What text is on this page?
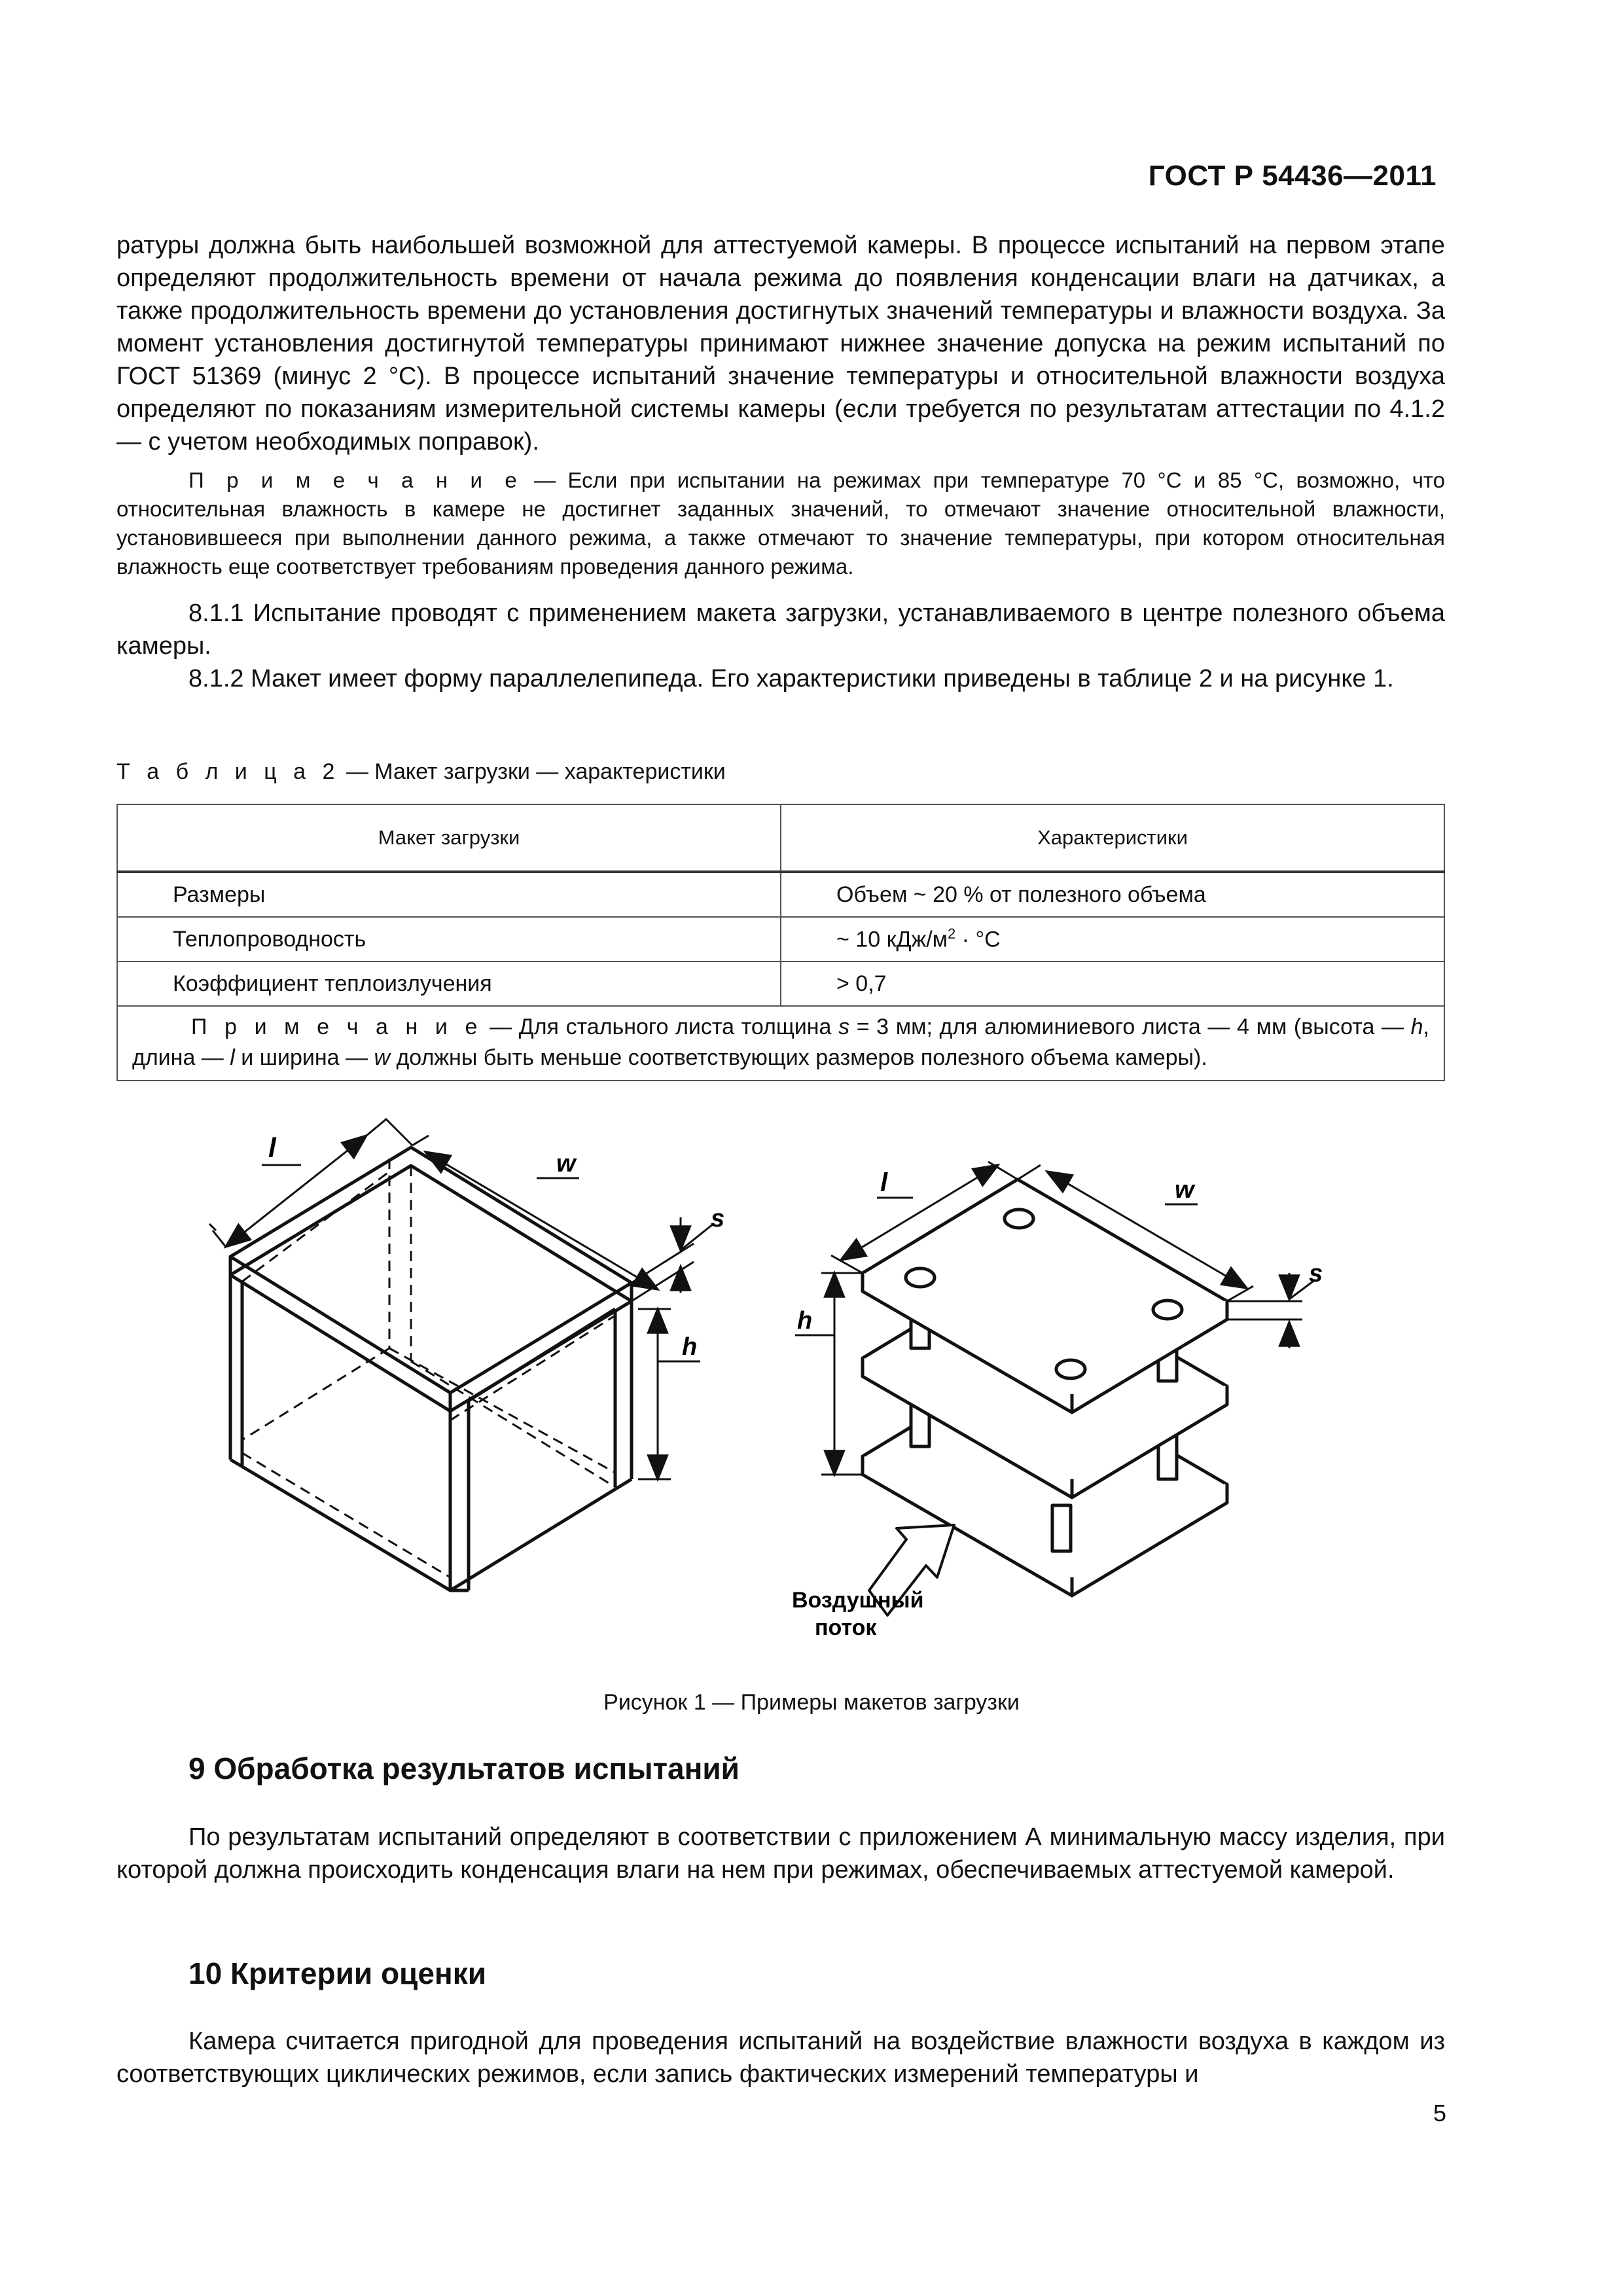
ГОСТ Р 54436—2011

ратуры должна быть наибольшей возможной для аттестуемой камеры. В процессе испытаний на первом этапе определяют продолжительность времени от начала режима до появления конденсации влаги на датчиках, а также продолжительность времени до установления достигнутых значений температуры и влажности воздуха. За момент установления достигнутой температуры принимают нижнее значение допуска на режим испытаний по ГОСТ 51369 (минус 2 °С). В процессе испытаний значение температуры и относительной влажности воздуха определяют по показаниям измерительной системы камеры (если требуется по результатам аттестации по 4.1.2 — с учетом необходимых поправок).

П р и м е ч а н и е — Если при испытании на режимах при температуре 70 °С и 85 °С, возможно, что относительная влажность в камере не достигнет заданных значений, то отмечают значение относительной влажности, установившееся при выполнении данного режима, а также отмечают то значение температуры, при котором относительная влажность еще соответствует требованиям проведения данного режима.

8.1.1 Испытание проводят с применением макета загрузки, устанавливаемого в центре полезного объема камеры.

8.1.2 Макет имеет форму параллелепипеда. Его характеристики приведены в таблице 2 и на рисунке 1.

Т а б л и ц а 2 — Макет загрузки — характеристики
Макет загрузки	Характеристики
Размеры	Объем ~ 20 % от полезного объема
Теплопроводность	~ 10 кДж/$м^2 \cdot ^\circ С$
Коэффициент теплоизлучения	> 0,7

П р и м е ч а н и е — Для стального листа толщина s = 3 мм; для алюминиевого листа — 4 мм (высота — h, длина — l и ширина — w должны быть меньше соответствующих размеров полезного объема камеры).	
l
w
s
h
l	w
s
h
Воздушный
поток
Рисунок 1 — Примеры макетов загрузки
9 Обработка результатов испытаний

По результатам испытаний определяют в соответствии с приложением А минимальную массу изделия, при которой должна происходить конденсация влаги на нем при режимах, обеспечиваемых аттестуемой камерой.

10 Критерии оценки

Камера считается пригодной для проведения испытаний на воздействие влажности воздуха в каждом из соответствующих циклических режимов, если запись фактических измерений температуры и

5
